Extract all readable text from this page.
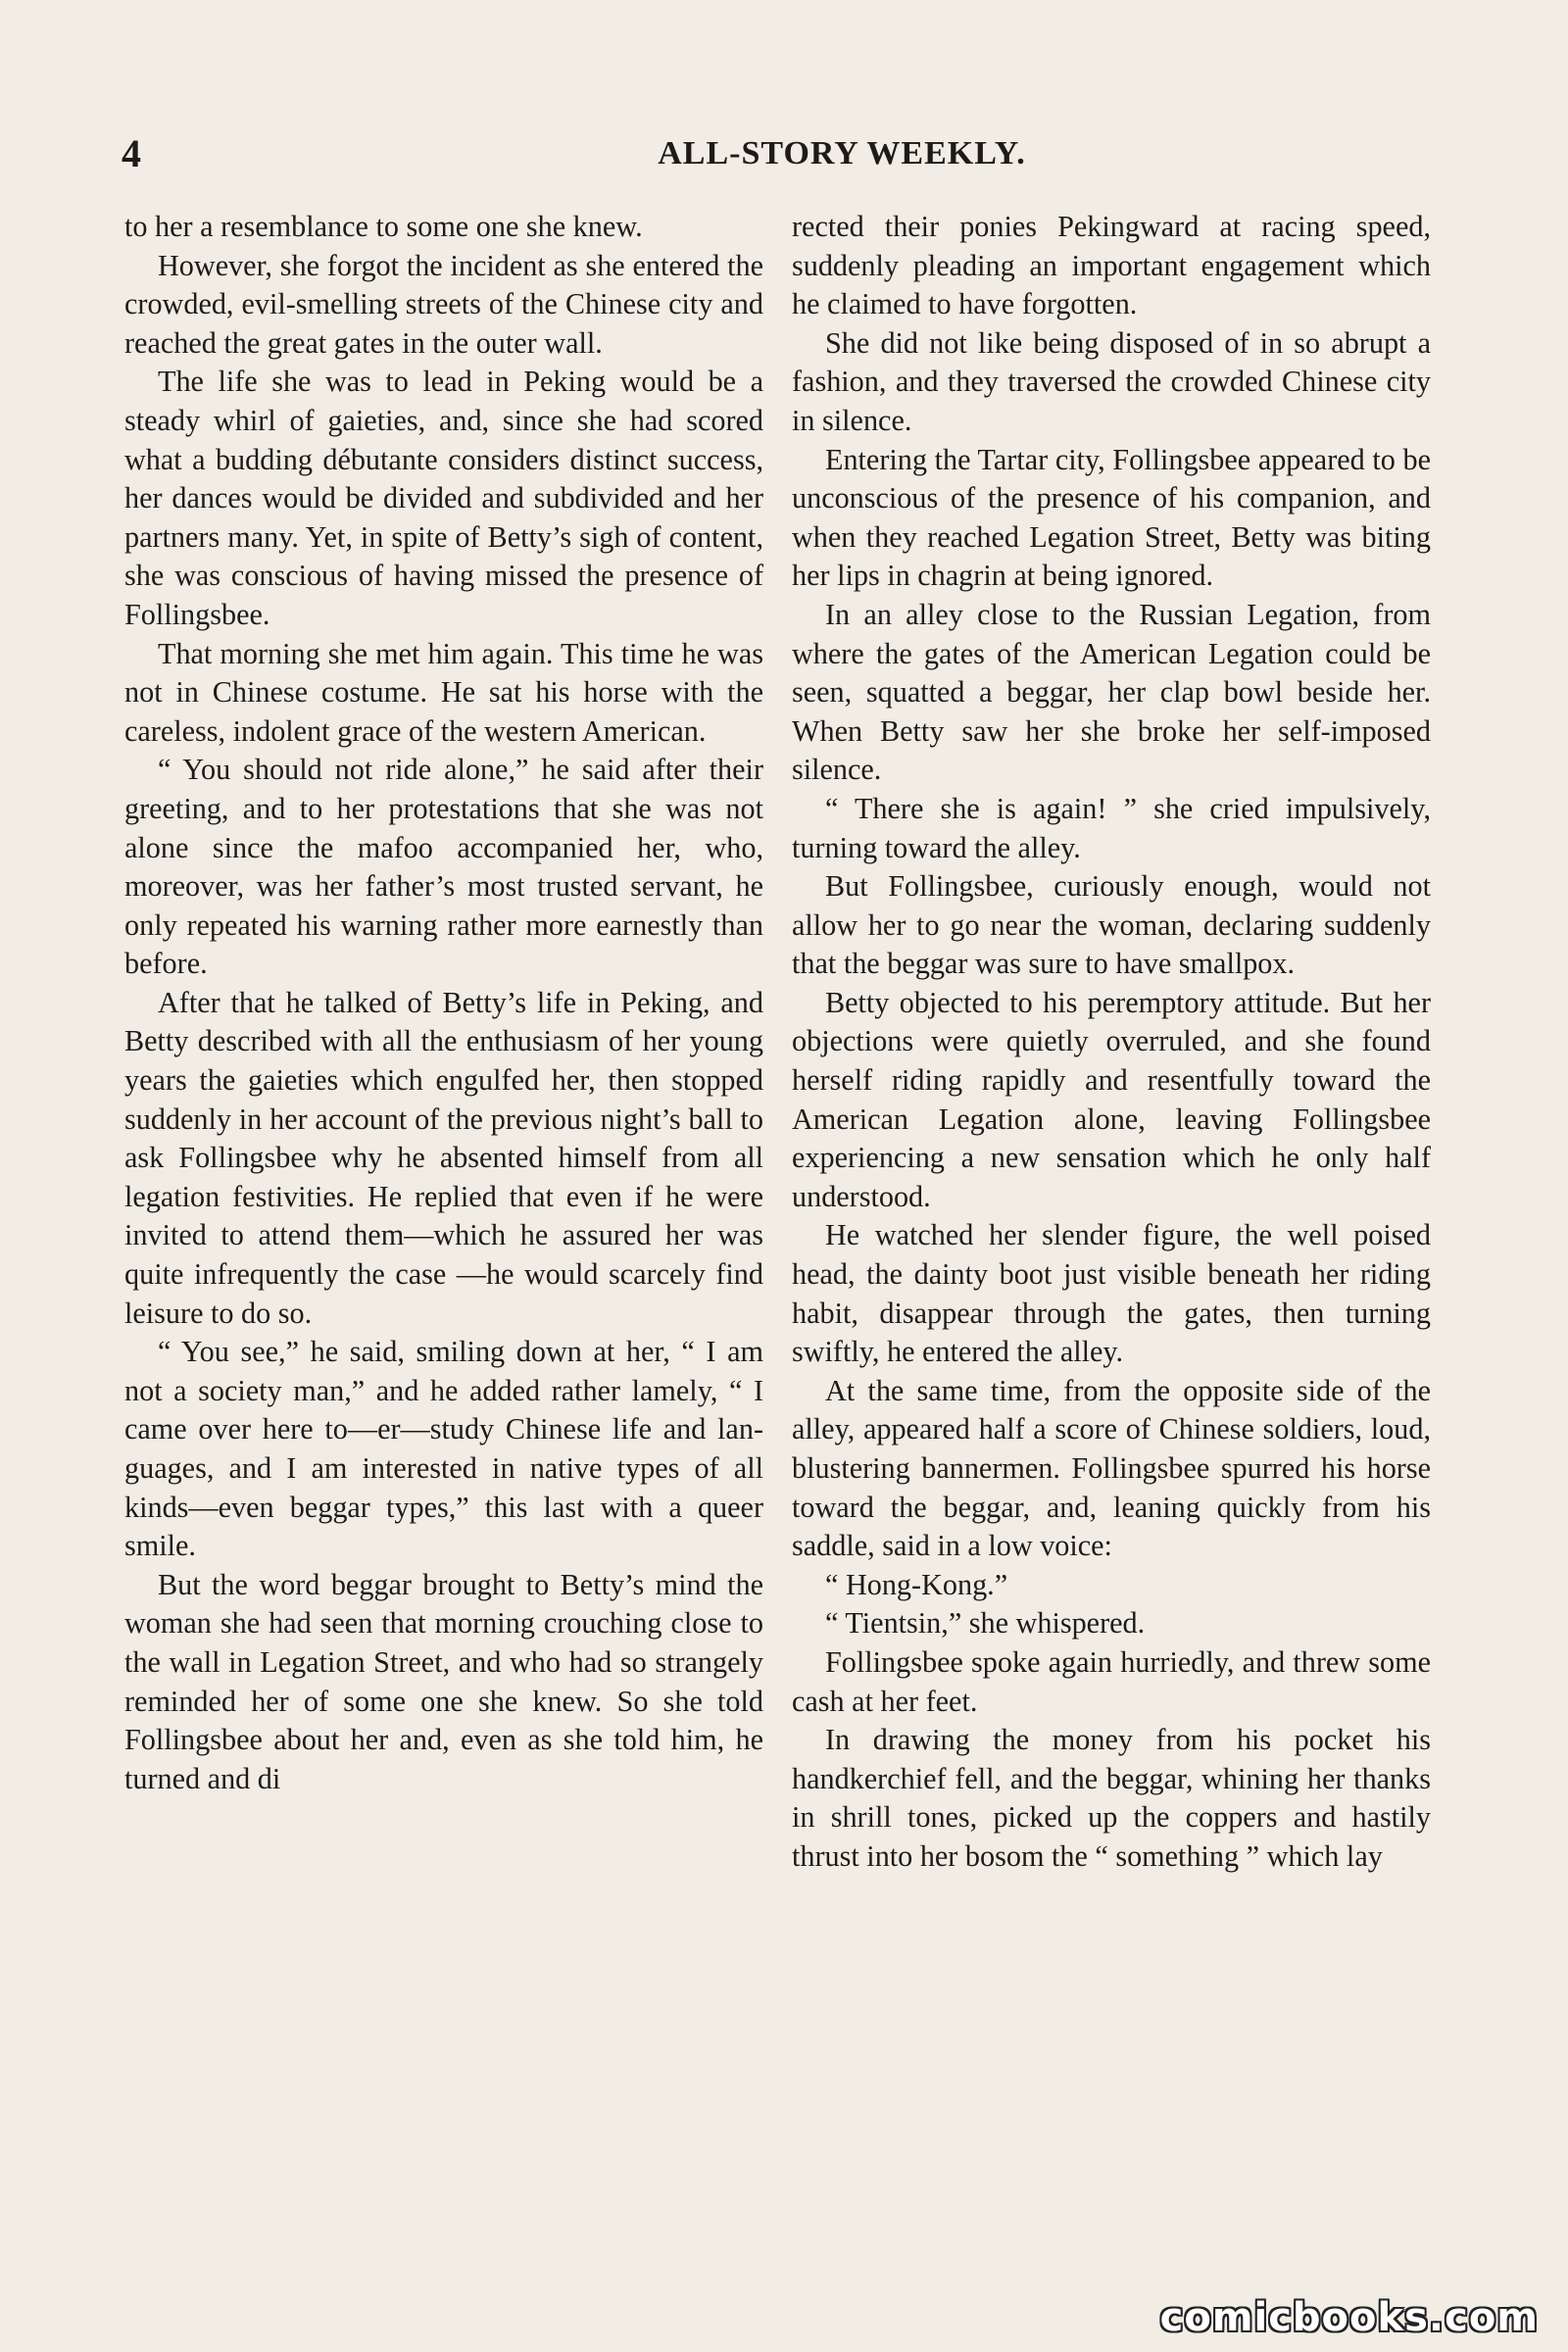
4	ALL-STORY WEEKLY.

to her a resemblance to some one she knew.

However, she forgot the incident as she entered the crowded, evil-smelling streets of the Chinese city and reached the great gates in the outer wall.

The life she was to lead in Peking would be a steady whirl of gaieties, and, since she had scored what a budding débutante considers distinct success, her dances would be divided and subdivided and her partners many. Yet, in spite of Betty’s sigh of content, she was conscious of having missed the presence of Follingsbee.

That morning she met him again. This time he was not in Chinese costume. He sat his horse with the careless, indolent grace of the western American.

“ You should not ride alone,” he said after their greeting, and to her protestations that she was not alone since the mafoo accompanied her, who, moreover, was her father’s most trusted servant, he only repeated his warning rather more earnestly than before.

After that he talked of Betty’s life in Peking, and Betty described with all the enthusiasm of her young years the gaieties which engulfed her, then stopped suddenly in her account of the previous night’s ball to ask Follingsbee why he absented himself from all legation festivities. He replied that even if he were invited to attend them—which he assured her was quite infrequently the case —he would scarcely find leisure to do so.

“ You see,” he said, smiling down at her, “ I am not a society man,” and he added rather lamely, “ I came over here to—er—study Chinese life and languages, and I am interested in native types of all kinds—even beggar types,” this last with a queer smile.

But the word beggar brought to Betty’s mind the woman she had seen that morning crouching close to the wall in Legation Street, and who had so strangely reminded her of some one she knew. So she told Follingsbee about her and, even as she told him, he turned and di

rected their ponies Pekingward at racing speed, suddenly pleading an important engagement which he claimed to have forgotten.

She did not like being disposed of in so abrupt a fashion, and they traversed the crowded Chinese city in silence.

Entering the Tartar city, Follingsbee appeared to be unconscious of the presence of his companion, and when they reached Legation Street, Betty was biting her lips in chagrin at being ignored.

In an alley close to the Russian Legation, from where the gates of the American Legation could be seen, squatted a beggar, her clap bowl beside her. When Betty saw her she broke her self-imposed silence.

“ There she is again! ” she cried impulsively, turning toward the alley.

But Follingsbee, curiously enough, would not allow her to go near the woman, declaring suddenly that the beggar was sure to have smallpox.

Betty objected to his peremptory attitude. But her objections were quietly overruled, and she found herself riding rapidly and resentfully toward the American Legation alone, leaving Follingsbee experiencing a new sensation which he only half understood.

He watched her slender figure, the well poised head, the dainty boot just visible beneath her riding habit, disappear through the gates, then turning swiftly, he entered the alley.

At the same time, from the opposite side of the alley, appeared half a score of Chinese soldiers, loud, blustering bannermen. Follingsbee spurred his horse toward the beggar, and, leaning quickly from his saddle, said in a low voice:

“ Hong-Kong.”

“ Tientsin,” she whispered.

Follingsbee spoke again hurriedly, and threw some cash at her feet.

In drawing the money from his pocket his handkerchief fell, and the beggar, whining her thanks in shrill tones, picked up the coppers and hastily thrust into her bosom the “ something ” which lay

comicbooks.com
